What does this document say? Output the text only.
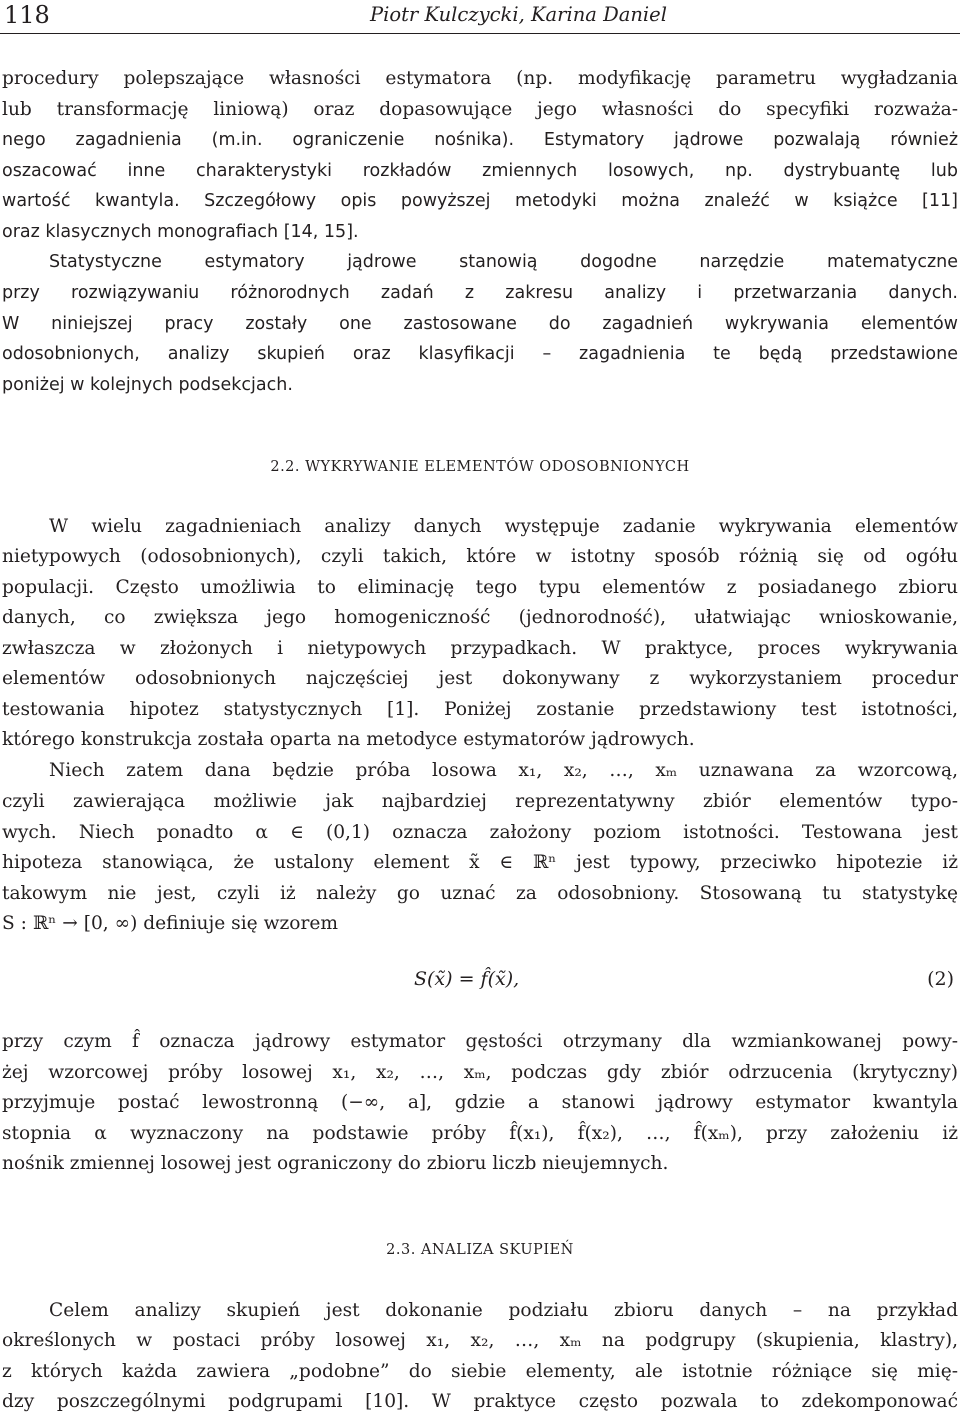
118	Piotr Kulczycki, Karina Daniel
procedury polepszające własności estymatora (np. modyfikację parametru wygładzania
lub transformację liniową) oraz dopasowujące jego własności do specyfiki rozważa-
nego zagadnienia (m.in. ograniczenie nośnika). Estymatory jądrowe pozwalają również
oszacować inne charakterystyki rozkładów zmiennych losowych, np. dystrybuantę lub
wartość kwantyla. Szczegółowy opis powyższej metodyki można znaleźć w książce [11]
oraz klasycznych monografiach [14, 15].
Statystyczne estymatory jądrowe stanowią dogodne narzędzie matematyczne
przy rozwiązywaniu różnorodnych zadań z zakresu analizy i przetwarzania danych.
W niniejszej pracy zostały one zastosowane do zagadnień wykrywania elementów
odosobnionych, analizy skupień oraz klasyfikacji – zagadnienia te będą przedstawione
poniżej w kolejnych podsekcjach.
2.2. WYKRYWANIE ELEMENTÓW ODOSOBNIONYCH
W wielu zagadnieniach analizy danych występuje zadanie wykrywania elementów
nietypowych (odosobnionych), czyli takich, które w istotny sposób różnią się od ogółu
populacji. Często umożliwia to eliminację tego typu elementów z posiadanego zbioru
danych, co zwiększa jego homogeniczność (jednorodność), ułatwiając wnioskowanie,
zwłaszcza w złożonych i nietypowych przypadkach. W praktyce, proces wykrywania
elementów odosobnionych najczęściej jest dokonywany z wykorzystaniem procedur
testowania hipotez statystycznych [1]. Poniżej zostanie przedstawiony test istotności,
którego konstrukcja została oparta na metodyce estymatorów jądrowych.
Niech zatem dana będzie próba losowa x₁, x₂, …, xₘ uznawana za wzorcową,
czyli zawierająca możliwie jak najbardziej reprezentatywny zbiór elementów typo-
wych. Niech ponadto α ∈ (0,1) oznacza założony poziom istotności. Testowana jest
hipoteza stanowiąca, że ustalony element x̃ ∈ ℝⁿ jest typowy, przeciwko hipotezie iż
takowym nie jest, czyli iż należy go uznać za odosobniony. Stosowaną tu statystykę
S : ℝⁿ → [0, ∞) definiuje się wzorem
S(x̃) = f̂(x̃),	(2)
przy czym f̂ oznacza jądrowy estymator gęstości otrzymany dla wzmiankowanej powy-
żej wzorcowej próby losowej x₁, x₂, …, xₘ, podczas gdy zbiór odrzucenia (krytyczny)
przyjmuje postać lewostronną (−∞, a], gdzie a stanowi jądrowy estymator kwantyla
stopnia α wyznaczony na podstawie próby f̂(x₁), f̂(x₂), …, f̂(xₘ), przy założeniu iż
nośnik zmiennej losowej jest ograniczony do zbioru liczb nieujemnych.
2.3. ANALIZA SKUPIEŃ
Celem analizy skupień jest dokonanie podziału zbioru danych – na przykład
określonych w postaci próby losowej x₁, x₂, …, xₘ na podgrupy (skupienia, klastry),
z których każda zawiera „podobne” do siebie elementy, ale istotnie różniące się mię-
dzy poszczególnymi podgrupami [10]. W praktyce często pozwala to zdekomponować
